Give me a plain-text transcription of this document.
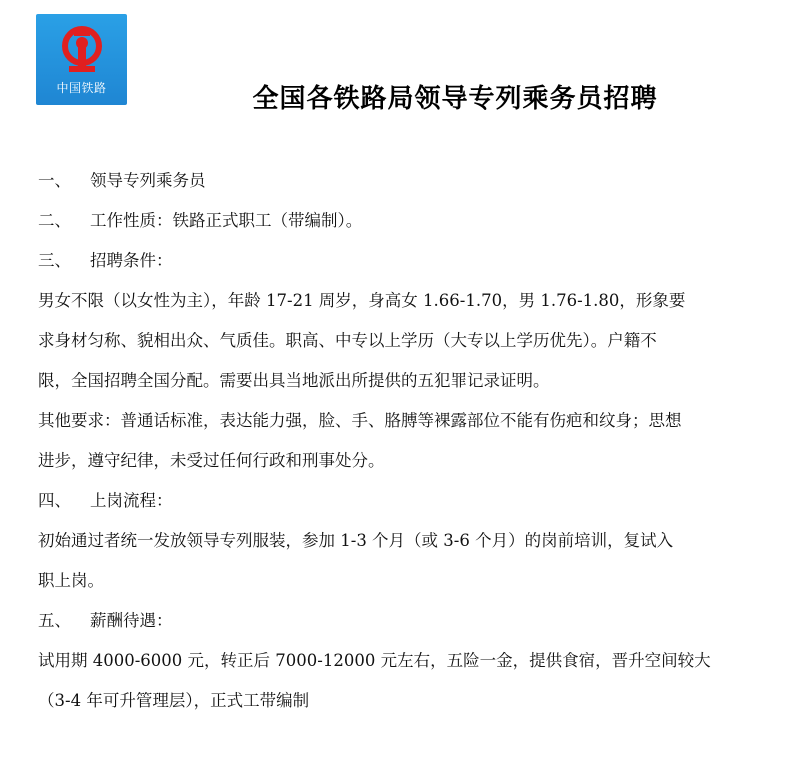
中国铁路	全国各铁路局领导专列乘务员招聘

一、 领导专列乘务员

二、 工作性质：铁路正式职工（带编制）。

三、 招聘条件：

男女不限（以女性为主），年龄 17-21 周岁，身高女 1.66-1.70，男 1.76-1.80，形象要

求身材匀称、貌相出众、气质佳。职高、中专以上学历（大专以上学历优先）。户籍不

限，全国招聘全国分配。需要出具当地派出所提供的五犯罪记录证明。

其他要求：普通话标准，表达能力强，脸、手、胳膊等裸露部位不能有伤疤和纹身；思想

进步，遵守纪律，未受过任何行政和刑事处分。

四、 上岗流程：

初始通过者统一发放领导专列服装，参加 1-3 个月（或 3-6 个月）的岗前培训，复试入

职上岗。

五、 薪酬待遇：

试用期 4000-6000 元，转正后 7000-12000 元左右，五险一金，提供食宿，晋升空间较大

（3-4 年可升管理层），正式工带编制
